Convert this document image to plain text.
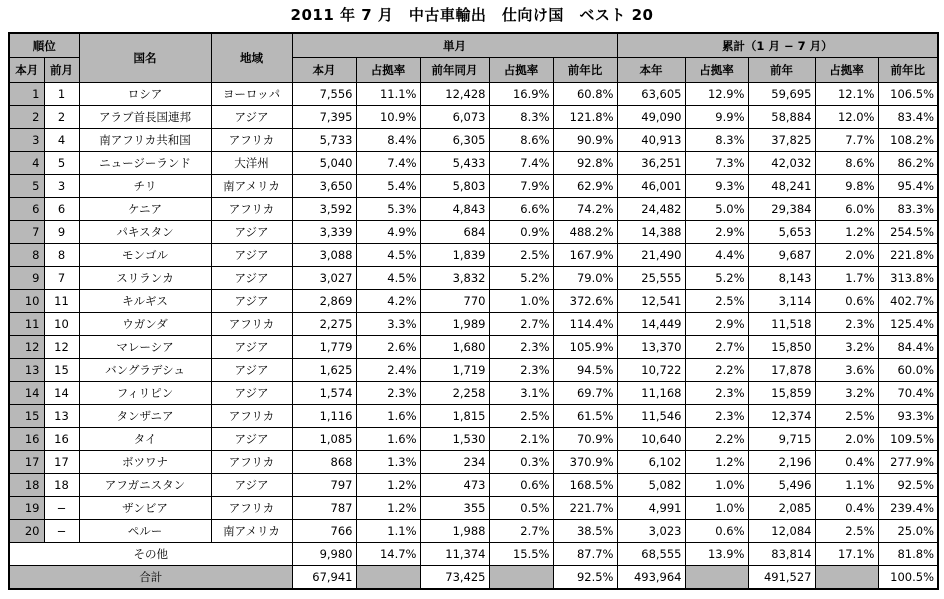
2011 年 7 月　中古車輸出　仕向け国　ベスト 20
順位		国名	地域	単月					累計（1 月 − 7 月）				
本月	前月			本月	占拠率	前年同月	占拠率	前年比	本年	占拠率	前年	占拠率	前年比
1	1	ロシア	ヨーロッパ	7,556	11.1%	12,428	16.9%	60.8%	63,605	12.9%	59,695	12.1%	106.5%
2	2	アラブ首長国連邦	アジア	7,395	10.9%	6,073	8.3%	121.8%	49,090	9.9%	58,884	12.0%	83.4%
3	4	南アフリカ共和国	アフリカ	5,733	8.4%	6,305	8.6%	90.9%	40,913	8.3%	37,825	7.7%	108.2%
4	5	ニュージーランド	大洋州	5,040	7.4%	5,433	7.4%	92.8%	36,251	7.3%	42,032	8.6%	86.2%
5	3	チリ	南アメリカ	3,650	5.4%	5,803	7.9%	62.9%	46,001	9.3%	48,241	9.8%	95.4%
6	6	ケニア	アフリカ	3,592	5.3%	4,843	6.6%	74.2%	24,482	5.0%	29,384	6.0%	83.3%
7	9	パキスタン	アジア	3,339	4.9%	684	0.9%	488.2%	14,388	2.9%	5,653	1.2%	254.5%
8	8	モンゴル	アジア	3,088	4.5%	1,839	2.5%	167.9%	21,490	4.4%	9,687	2.0%	221.8%
9	7	スリランカ	アジア	3,027	4.5%	3,832	5.2%	79.0%	25,555	5.2%	8,143	1.7%	313.8%
10	11	キルギス	アジア	2,869	4.2%	770	1.0%	372.6%	12,541	2.5%	3,114	0.6%	402.7%
11	10	ウガンダ	アフリカ	2,275	3.3%	1,989	2.7%	114.4%	14,449	2.9%	11,518	2.3%	125.4%
12	12	マレーシア	アジア	1,779	2.6%	1,680	2.3%	105.9%	13,370	2.7%	15,850	3.2%	84.4%
13	15	バングラデシュ	アジア	1,625	2.4%	1,719	2.3%	94.5%	10,722	2.2%	17,878	3.6%	60.0%
14	14	フィリピン	アジア	1,574	2.3%	2,258	3.1%	69.7%	11,168	2.3%	15,859	3.2%	70.4%
15	13	タンザニア	アフリカ	1,116	1.6%	1,815	2.5%	61.5%	11,546	2.3%	12,374	2.5%	93.3%
16	16	タイ	アジア	1,085	1.6%	1,530	2.1%	70.9%	10,640	2.2%	9,715	2.0%	109.5%
17	17	ボツワナ	アフリカ	868	1.3%	234	0.3%	370.9%	6,102	1.2%	2,196	0.4%	277.9%
18	18	アフガニスタン	アジア	797	1.2%	473	0.6%	168.5%	5,082	1.0%	5,496	1.1%	92.5%
19	−	ザンビア	アフリカ	787	1.2%	355	0.5%	221.7%	4,991	1.0%	2,085	0.4%	239.4%
20	−	ペルー	南アメリカ	766	1.1%	1,988	2.7%	38.5%	3,023	0.6%	12,084	2.5%	25.0%
その他				9,980	14.7%	11,374	15.5%	87.7%	68,555	13.9%	83,814	17.1%	81.8%
合計				67,941		73,425		92.5%	493,964		491,527		100.5%
